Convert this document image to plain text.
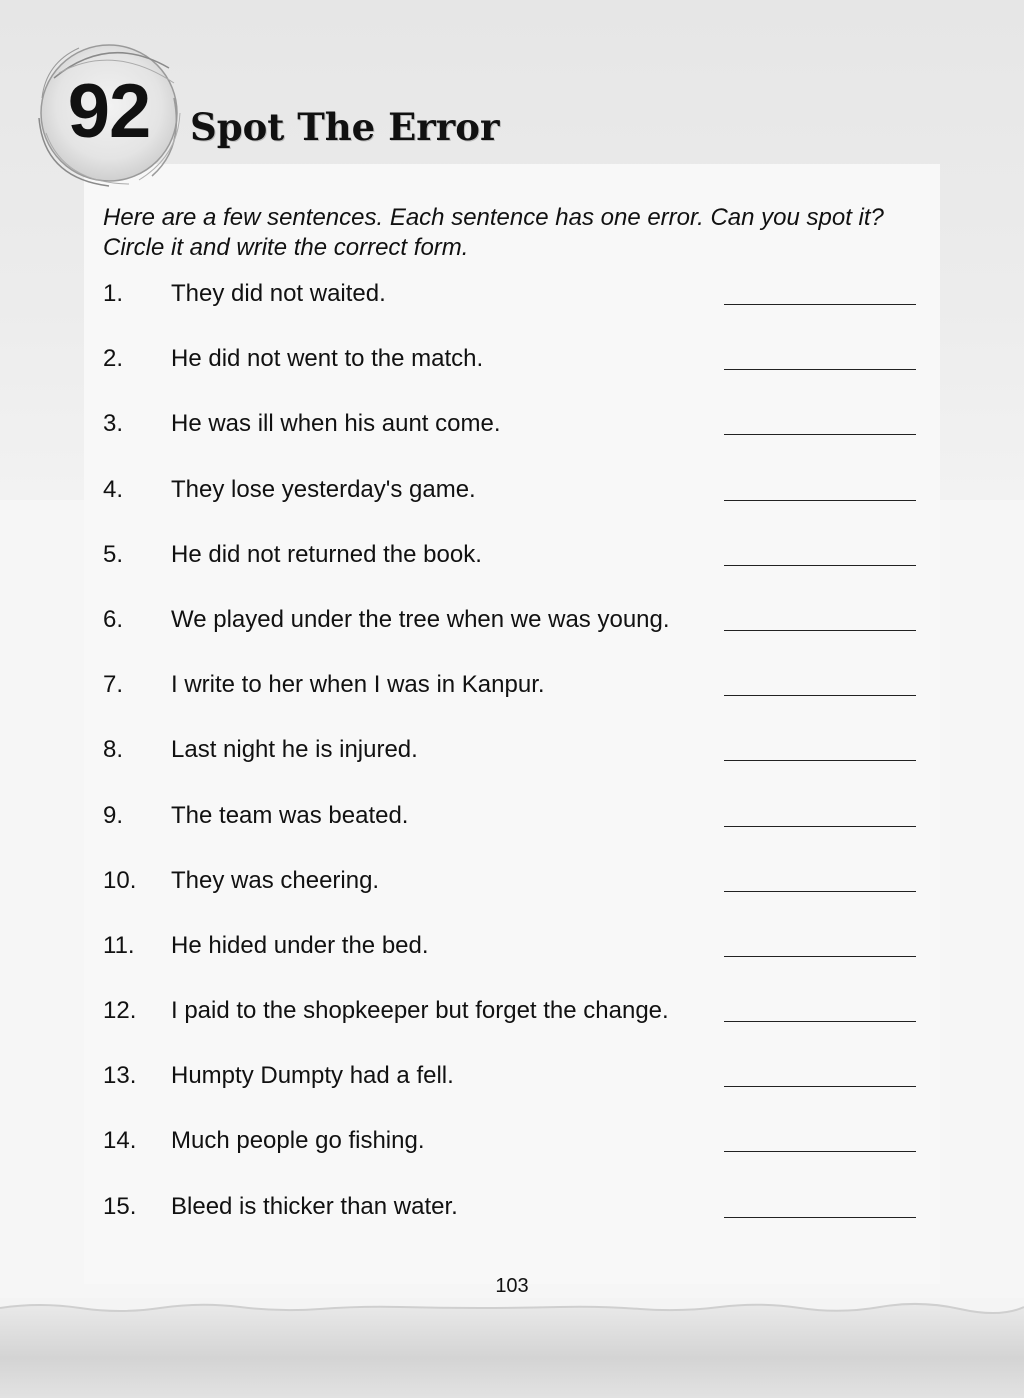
92	Spot The Error
Here are a few sentences. Each sentence has one error. Can you spot it? Circle it and write the correct form.
1. They did not waited.
2. He did not went to the match.
3. He was ill when his aunt come.
4. They lose yesterday's game.
5. He did not returned the book.
6. We played under the tree when we was young.
7. I write to her when I was in Kanpur.
8. Last night he is injured.
9. The team was beated.
10. They was cheering.
11. He hided under the bed.
12. I paid to the shopkeeper but forget the change.
13. Humpty Dumpty had a fell.
14. Much people go fishing.
15. Bleed is thicker than water.
103
